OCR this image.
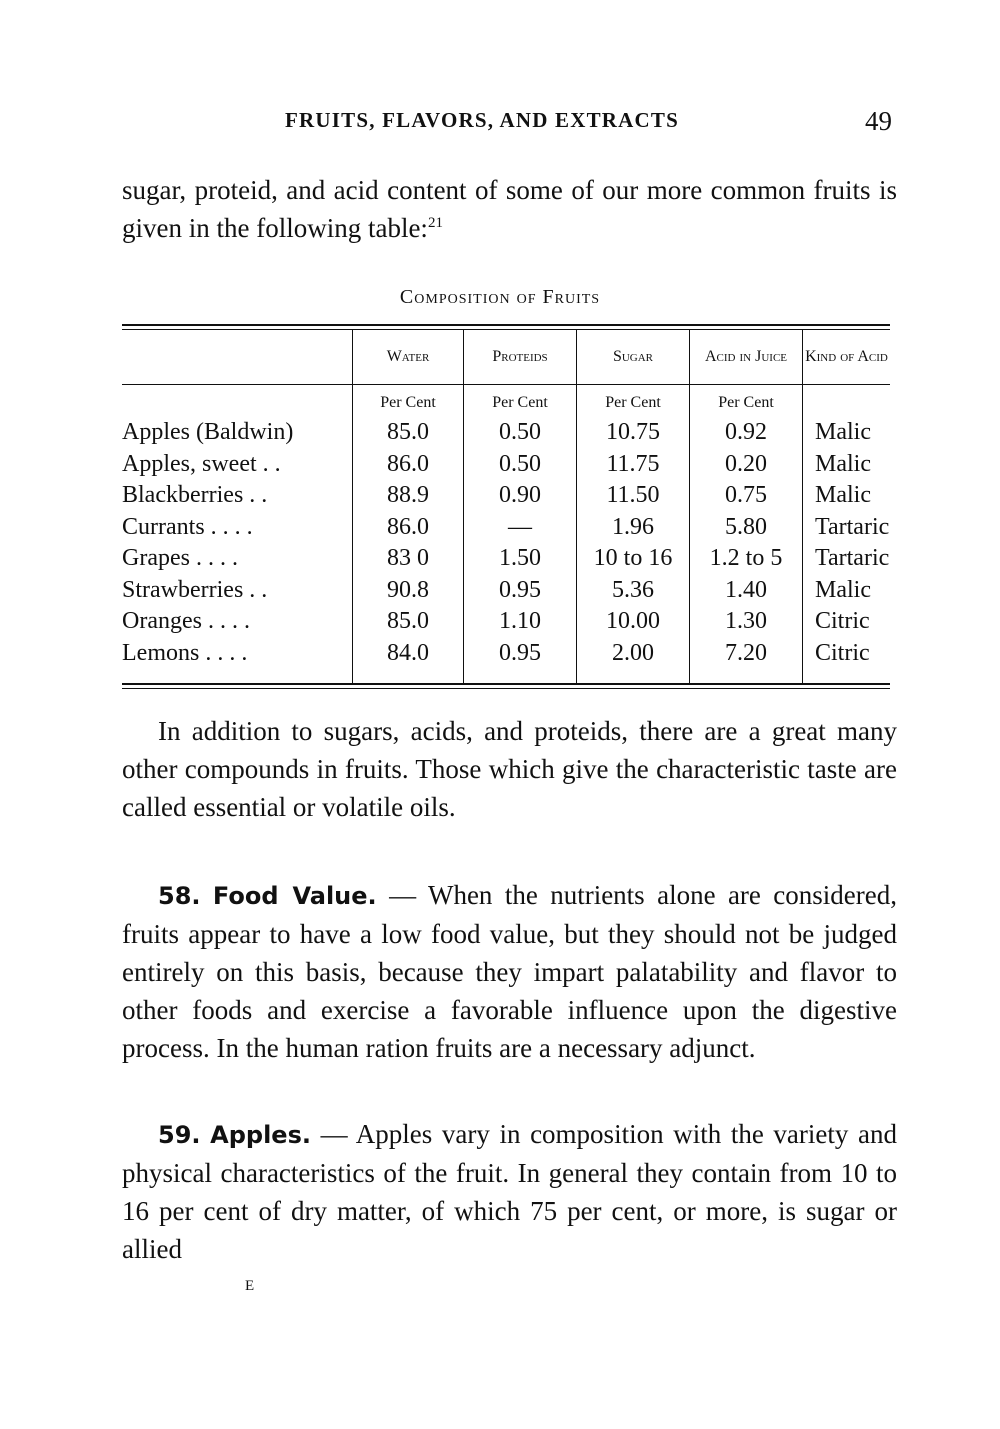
FRUITS, FLAVORS, AND EXTRACTS	49

sugar, proteid, and acid content of some of our more common fruits is given in the following table:$^{21}$

Composition of Fruits
	Water	Proteids	Sugar	Acid in Juice	Kind of Acid
	Per Cent	Per Cent	Per Cent	Per Cent	
Apples (Baldwin)	85.0	0.50	10.75	0.92	Malic
Apples, sweet . .	86.0	0.50	11.75	0.20	Malic
Blackberries . .	88.9	0.90	11.50	0.75	Malic
Currants . . . .	86.0	—	1.96	5.80	Tartaric
Grapes . . . .	83 0	1.50	10 to 16	1.2 to 5	Tartaric
Strawberries . .	90.8	0.95	5.36	1.40	Malic
Oranges . . . .	85.0	1.10	10.00	1.30	Citric
Lemons . . . .	84.0	0.95	2.00	7.20	Citric

In addition to sugars, acids, and proteids, there are a great many other compounds in fruits. Those which give the characteristic taste are called essential or volatile oils.

58. Food Value. — When the nutrients alone are considered, fruits appear to have a low food value, but they should not be judged entirely on this basis, because they impart palatability and flavor to other foods and exercise a favorable influence upon the digestive process. In the human ration fruits are a necessary adjunct.

59. Apples. — Apples vary in composition with the variety and physical characteristics of the fruit. In general they contain from 10 to 16 per cent of dry matter, of which 75 per cent, or more, is sugar or allied

E
